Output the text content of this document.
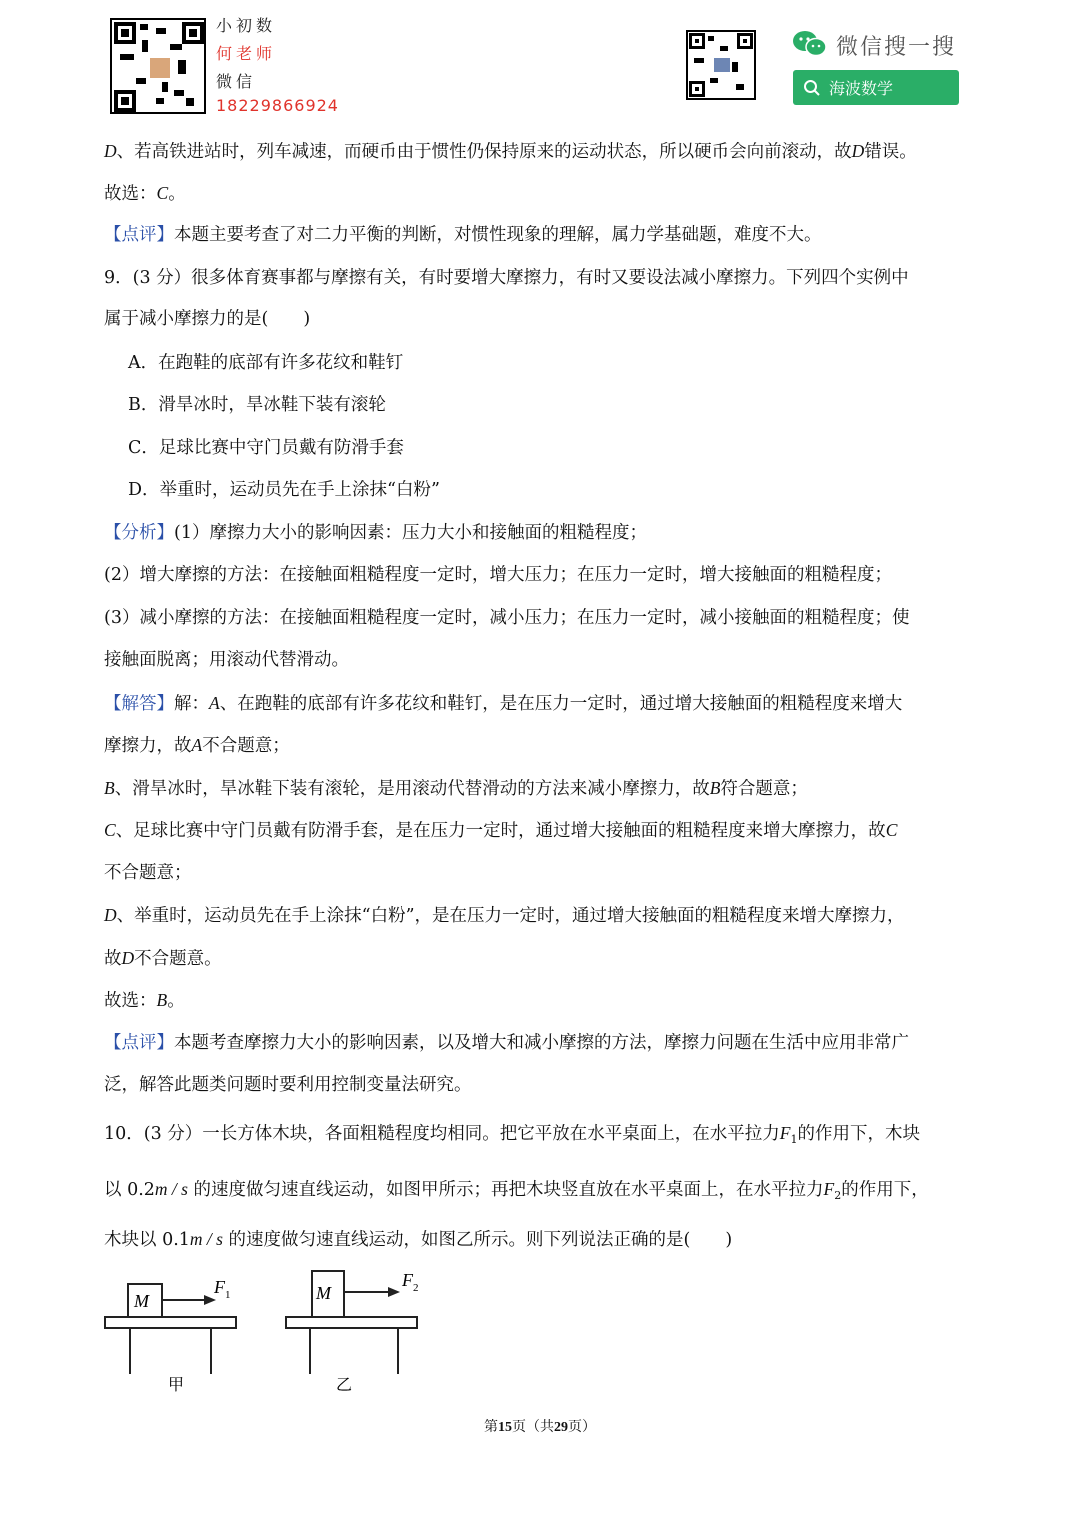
小初数
何老师
微信
18229866924
微信搜一搜
海波数学
D、若高铁进站时，列车减速，而硬币由于惯性仍保持原来的运动状态，所以硬币会向前滚动，故D错误。
故选：C。
【点评】本题主要考查了对二力平衡的判断，对惯性现象的理解，属力学基础题，难度不大。
9．(3 分）很多体育赛事都与摩擦有关，有时要增大摩擦力，有时又要设法减小摩擦力。下列四个实例中
属于减小摩擦力的是(　　)
A．在跑鞋的底部有许多花纹和鞋钉
B．滑旱冰时，旱冰鞋下装有滚轮
C．足球比赛中守门员戴有防滑手套
D．举重时，运动员先在手上涂抹“白粉”
【分析】(1）摩擦力大小的影响因素：压力大小和接触面的粗糙程度；
(2）增大摩擦的方法：在接触面粗糙程度一定时，增大压力；在压力一定时，增大接触面的粗糙程度；
(3）减小摩擦的方法：在接触面粗糙程度一定时，减小压力；在压力一定时，减小接触面的粗糙程度；使
接触面脱离；用滚动代替滑动。
【解答】解：A、在跑鞋的底部有许多花纹和鞋钉，是在压力一定时，通过增大接触面的粗糙程度来增大
摩擦力，故A不合题意；
B、滑旱冰时，旱冰鞋下装有滚轮，是用滚动代替滑动的方法来减小摩擦力，故B符合题意；
C、足球比赛中守门员戴有防滑手套，是在压力一定时，通过增大接触面的粗糙程度来增大摩擦力，故C
不合题意；
D、举重时，运动员先在手上涂抹“白粉”，是在压力一定时，通过增大接触面的粗糙程度来增大摩擦力，
故D不合题意。
故选：B。
【点评】本题考查摩擦力大小的影响因素，以及增大和减小摩擦的方法，摩擦力问题在生活中应用非常广
泛，解答此题类问题时要利用控制变量法研究。
10．(3 分）一长方体木块，各面粗糙程度均相同。把它平放在水平桌面上，在水平拉力$F_1$的作用下，木块
以 0.2m / s 的速度做匀速直线运动，如图甲所示；再把木块竖直放在水平桌面上，在水平拉力$F_2$的作用下，
木块以 0.1m / s 的速度做匀速直线运动，如图乙所示。则下列说法正确的是(　　)
M
$F_1$	M
$F_2$
甲	乙
第15页（共29页）
